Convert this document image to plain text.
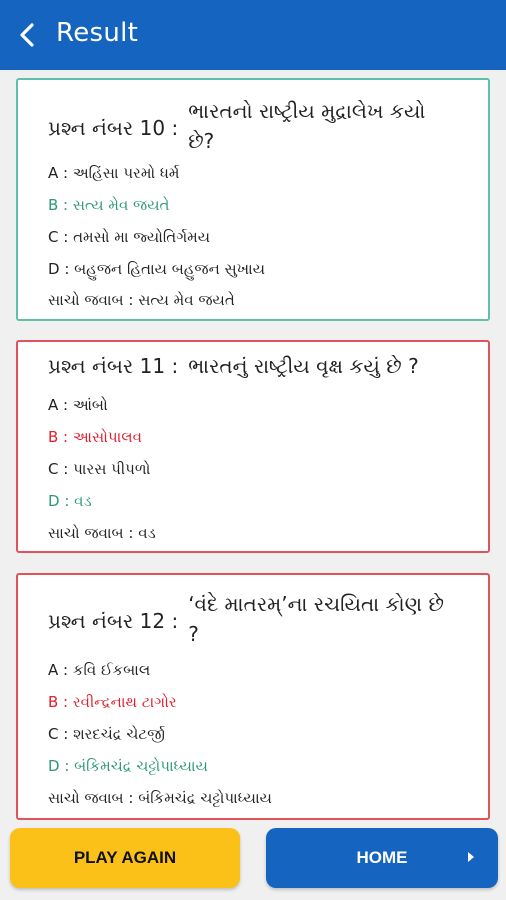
Result
પ્રશ્ન નંબર 10 :
ભારતનો રાષ્ટ્રીય મુદ્રાલેખ કયો છે?
A : અહિંસા પરમો ધર્મ
B : સત્ય મેવ જયતે
C : તમસો મા જ્યોતિર્ગમય
D : બહુજન હિતાય બહુજન સુખાય
સાચો જવાબ : સત્ય મેવ જયતે
પ્રશ્ન નંબર 11 : ભારતનું રાષ્ટ્રીય વૃક્ષ કયું છે ?
A : આંબો
B : આસોપાલવ
C : પારસ પીપળો
D : વડ
સાચો જવાબ : વડ
પ્રશ્ન નંબર 12 :
‘વંદે માતરમ્’ના રચયિતા કોણ છે ?
A : કવિ ઈકબાલ
B : રવીન્દ્રનાથ ટાગોર
C : શરદચંદ્ર ચેટર્જી
D : બંકિમચંદ્ર ચટ્ટોપાધ્યાય
સાચો જવાબ : બંકિમચંદ્ર ચટ્ટોપાધ્યાય
PLAY AGAIN	HOME
